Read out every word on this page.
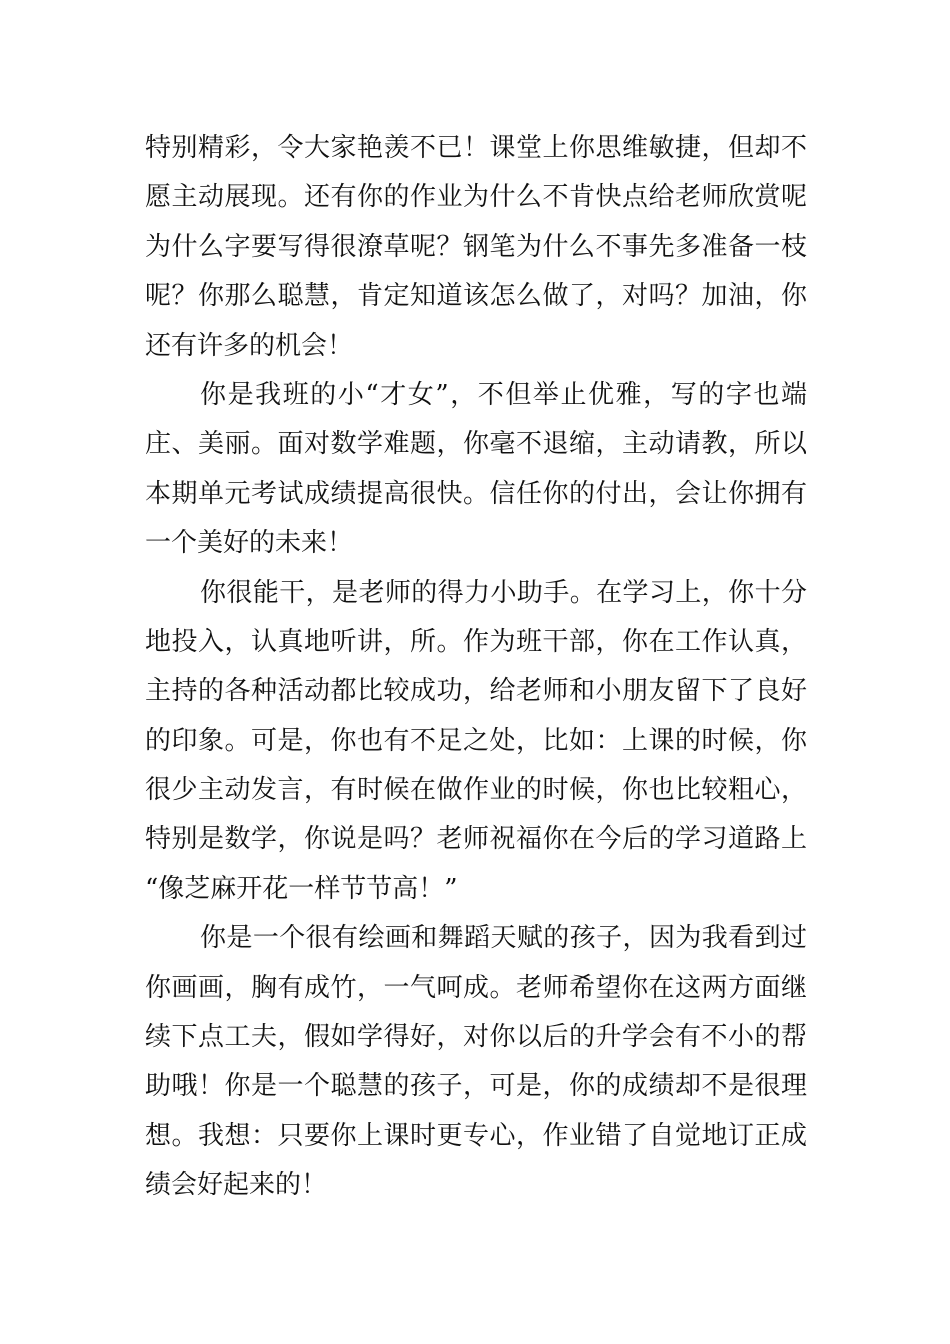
特别精彩，令大家艳羡不已！课堂上你思维敏捷，但却不
愿主动展现。还有你的作业为什么不肯快点给老师欣赏呢
为什么字要写得很潦草呢？钢笔为什么不事先多准备一枝
呢？你那么聪慧，肯定知道该怎么做了，对吗？加油，你
还有许多的机会！
你是我班的小“才女”，不但举止优雅，写的字也端
庄、美丽。面对数学难题，你毫不退缩，主动请教，所以
本期单元考试成绩提高很快。信任你的付出，会让你拥有
一个美好的未来！
你很能干，是老师的得力小助手。在学习上，你十分
地投入，认真地听讲，所。作为班干部，你在工作认真，
主持的各种活动都比较成功，给老师和小朋友留下了良好
的印象。可是，你也有不足之处，比如：上课的时候，你
很少主动发言，有时候在做作业的时候，你也比较粗心，
特别是数学，你说是吗？老师祝福你在今后的学习道路上
“像芝麻开花一样节节高！”
你是一个很有绘画和舞蹈天赋的孩子，因为我看到过
你画画，胸有成竹，一气呵成。老师希望你在这两方面继
续下点工夫，假如学得好，对你以后的升学会有不小的帮
助哦！你是一个聪慧的孩子，可是，你的成绩却不是很理
想。我想：只要你上课时更专心，作业错了自觉地订正成
绩会好起来的！
